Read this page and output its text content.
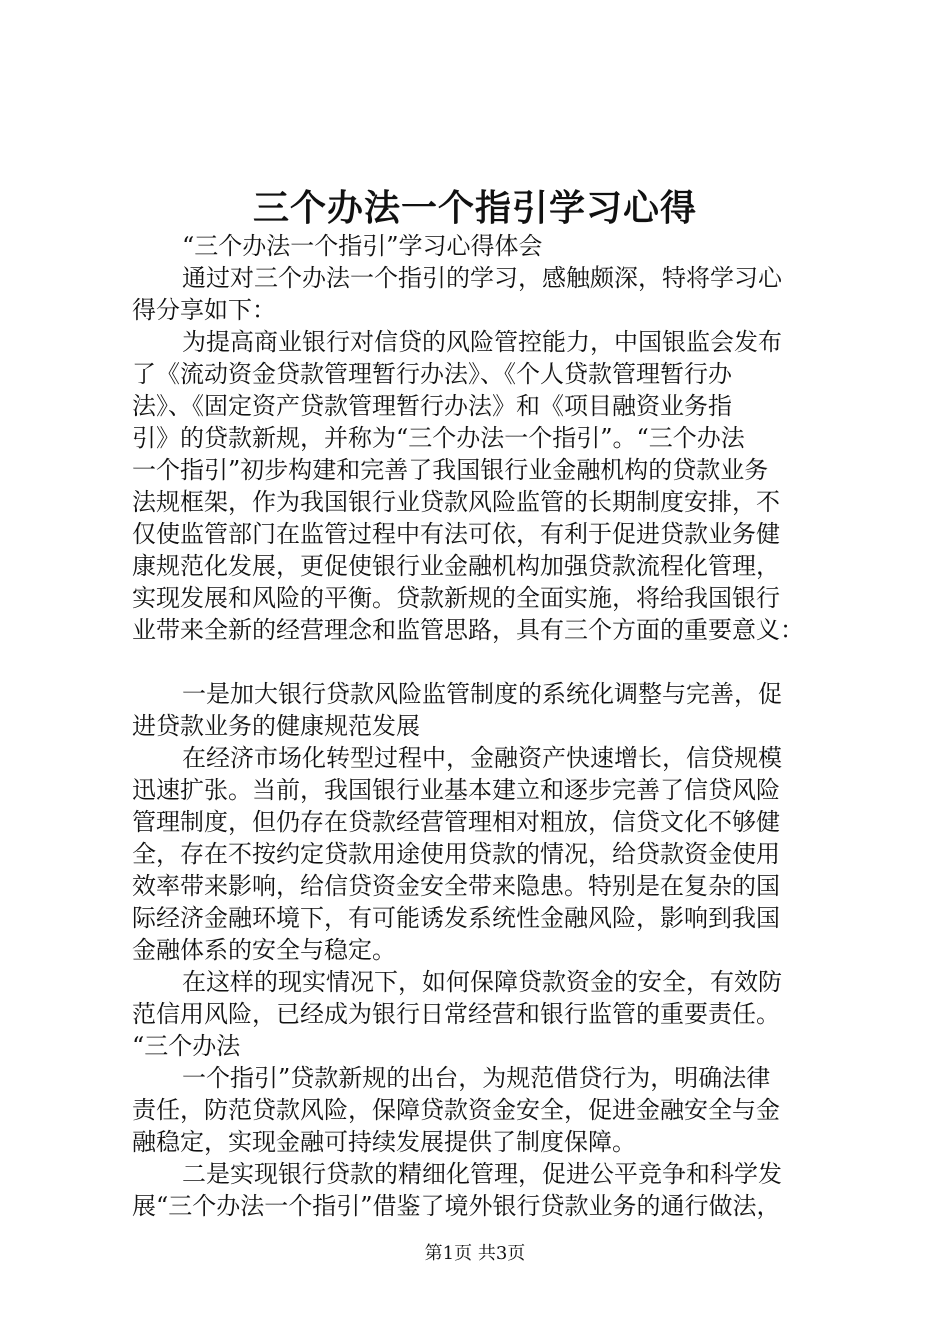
三个办法一个指引学习心得
“三个办法一个指引”学习心得体会
通过对三个办法一个指引的学习，感触颇深，特将学习心
得分享如下：
为提高商业银行对信贷的风险管控能力，中国银监会发布
了《流动资金贷款管理暂行办法》、《个人贷款管理暂行办
法》、《固定资产贷款管理暂行办法》和《项目融资业务指
引》的贷款新规，并称为“三个办法一个指引”。“三个办法
一个指引”初步构建和完善了我国银行业金融机构的贷款业务
法规框架，作为我国银行业贷款风险监管的长期制度安排，不
仅使监管部门在监管过程中有法可依，有利于促进贷款业务健
康规范化发展，更促使银行业金融机构加强贷款流程化管理，
实现发展和风险的平衡。贷款新规的全面实施，将给我国银行
业带来全新的经营理念和监管思路，具有三个方面的重要意义：
一是加大银行贷款风险监管制度的系统化调整与完善，促
进贷款业务的健康规范发展
在经济市场化转型过程中，金融资产快速增长，信贷规模
迅速扩张。当前，我国银行业基本建立和逐步完善了信贷风险
管理制度，但仍存在贷款经营管理相对粗放，信贷文化不够健
全，存在不按约定贷款用途使用贷款的情况，给贷款资金使用
效率带来影响，给信贷资金安全带来隐患。特别是在复杂的国
际经济金融环境下，有可能诱发系统性金融风险，影响到我国
金融体系的安全与稳定。
在这样的现实情况下，如何保障贷款资金的安全，有效防
范信用风险，已经成为银行日常经营和银行监管的重要责任。
“三个办法
一个指引”贷款新规的出台，为规范借贷行为，明确法律
责任，防范贷款风险，保障贷款资金安全，促进金融安全与金
融稳定，实现金融可持续发展提供了制度保障。
二是实现银行贷款的精细化管理，促进公平竞争和科学发
展“三个办法一个指引”借鉴了境外银行贷款业务的通行做法，
第1页 共3页
